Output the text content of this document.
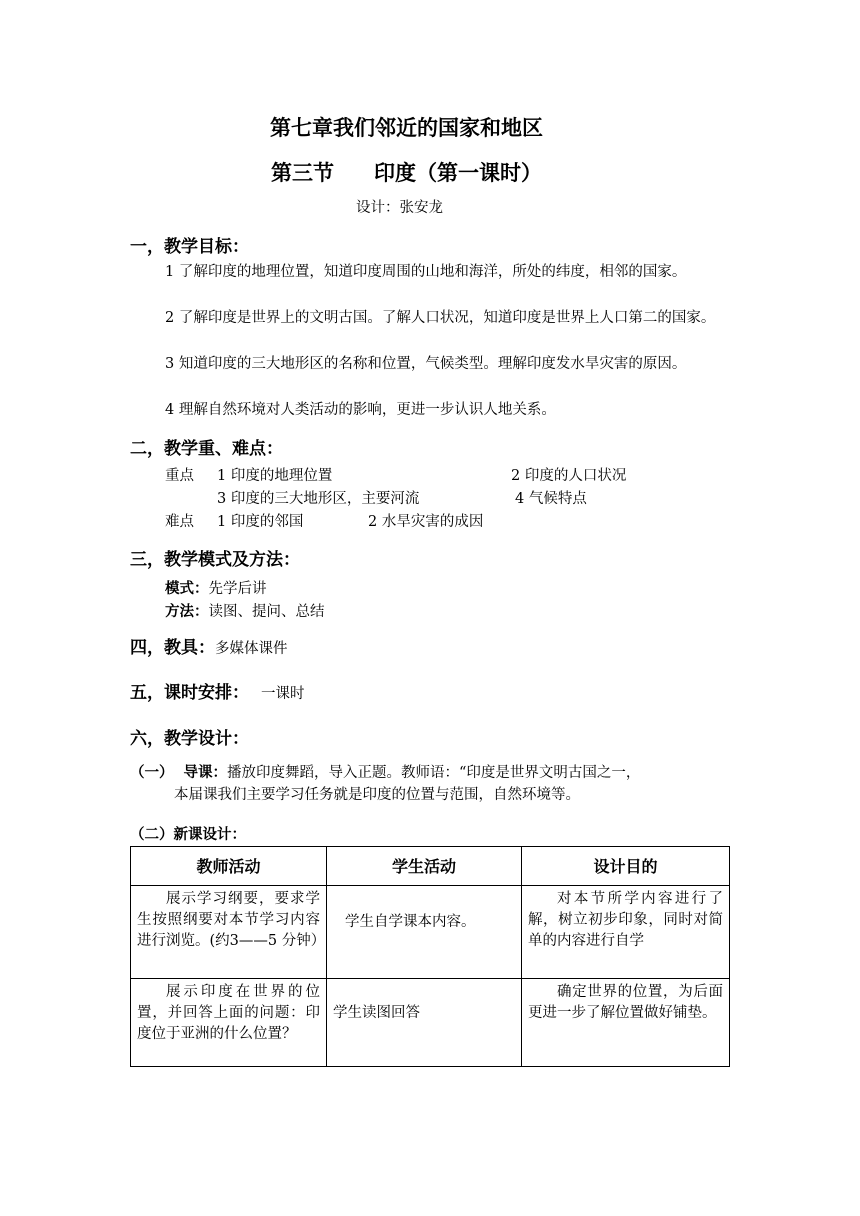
第七章我们邻近的国家和地区
第三节 印度（第一课时）
设计：张安龙
一，教学目标：
1 了解印度的地理位置，知道印度周围的山地和海洋，所处的纬度，相邻的国家。
2 了解印度是世界上的文明古国。了解人口状况，知道印度是世界上人口第二的国家。
3 知道印度的三大地形区的名称和位置，气候类型。理解印度发水旱灾害的原因。
4 理解自然环境对人类活动的影响，更进一步认识人地关系。
二，教学重、难点：
重点 1 印度的地理位置	2 印度的人口状况
3 印度的三大地形区，主要河流	4 气候特点
难点 1 印度的邻国	2 水旱灾害的成因
三，教学模式及方法：
模式：先学后讲
方法：读图、提问、总结
四，教具：多媒体课件
五，课时安排： 一课时
六，教学设计：
（一） 导课：播放印度舞蹈，导入正题。教师语：“印度是世界文明古国之一，
本届课我们主要学习任务就是印度的位置与范围，自然环境等。
（二）新课设计：
教师活动	学生活动	设计目的
展示学习纲要，要求学生按照纲要对本节学习内容进行浏览。(约3——5 分钟）	学生自学课本内容。	对本节所学内容进行了解，树立初步印象，同时对简单的内容进行自学
展示印度在世界的位置，并回答上面的问题：印度位于亚洲的什么位置？	学生读图回答	确定世界的位置，为后面更进一步了解位置做好铺垫。
